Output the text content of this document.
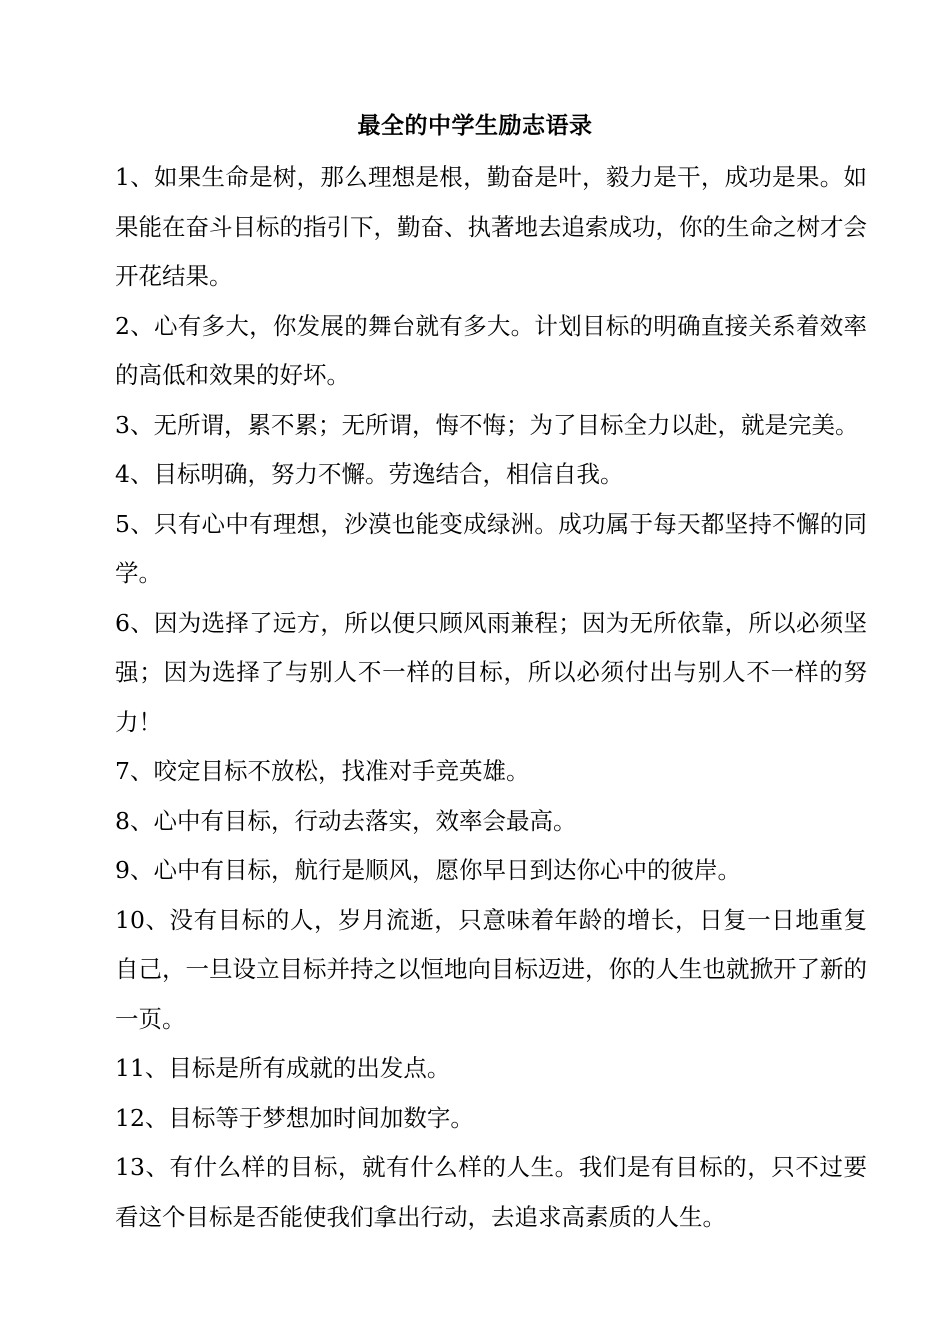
最全的中学生励志语录

1、如果生命是树，那么理想是根，勤奋是叶，毅力是干，成功是果。如果能在奋斗目标的指引下，勤奋、执著地去追索成功，你的生命之树才会开花结果。

2、心有多大，你发展的舞台就有多大。计划目标的明确直接关系着效率的高低和效果的好坏。

3、无所谓，累不累；无所谓，悔不悔；为了目标全力以赴，就是完美。

4、目标明确，努力不懈。劳逸结合，相信自我。

5、只有心中有理想，沙漠也能变成绿洲。成功属于每天都坚持不懈的同学。

6、因为选择了远方，所以便只顾风雨兼程；因为无所依靠，所以必须坚强；因为选择了与别人不一样的目标，所以必须付出与别人不一样的努力！

7、咬定目标不放松，找准对手竞英雄。

8、心中有目标，行动去落实，效率会最高。

9、心中有目标，航行是顺风，愿你早日到达你心中的彼岸。

10、没有目标的人，岁月流逝，只意味着年龄的增长，日复一日地重复自己，一旦设立目标并持之以恒地向目标迈进，你的人生也就掀开了新的一页。

11、目标是所有成就的出发点。

12、目标等于梦想加时间加数字。

13、有什么样的目标，就有什么样的人生。我们是有目标的，只不过要看这个目标是否能使我们拿出行动，去追求高素质的人生。
